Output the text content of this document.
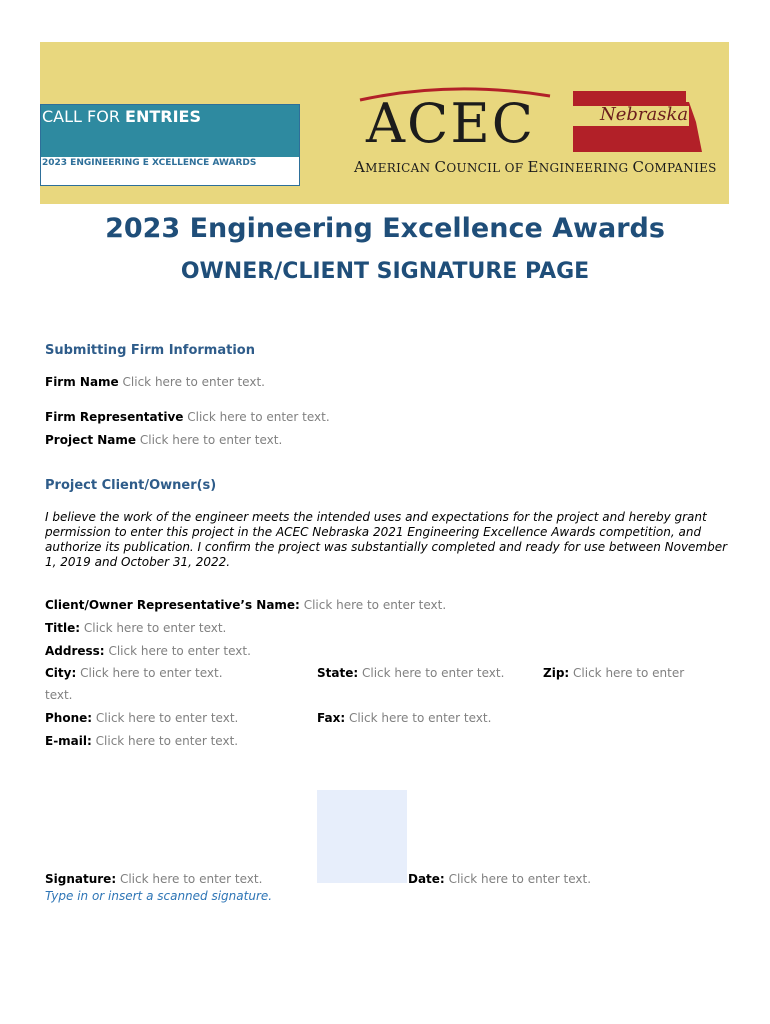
CALL FOR ENTRIES
2023 ENGINEERING E XCELLENCE AWARDS
ACEC	Nebraska
AMERICAN COUNCIL OF ENGINEERING COMPANIES
2023 Engineering Excellence Awards
OWNER/CLIENT SIGNATURE PAGE
Submitting Firm Information
Firm Name Click here to enter text.
Firm Representative Click here to enter text.
Project Name Click here to enter text.
Project Client/Owner(s)
I believe the work of the engineer meets the intended uses and expectations for the project and hereby grant permission to enter this project in the ACEC Nebraska 2021 Engineering Excellence Awards competition, and authorize its publication. I confirm the project was substantially completed and ready for use between November 1, 2019 and October 31, 2022.
Client/Owner Representative’s Name: Click here to enter text.
Title: Click here to enter text.
Address: Click here to enter text.
City: Click here to enter text.	State: Click here to enter text.	Zip: Click here to enter
text.
Phone: Click here to enter text.	Fax: Click here to enter text.
E-mail: Click here to enter text.
Signature: Click here to enter text.	Date: Click here to enter text.
Type in or insert a scanned signature.
